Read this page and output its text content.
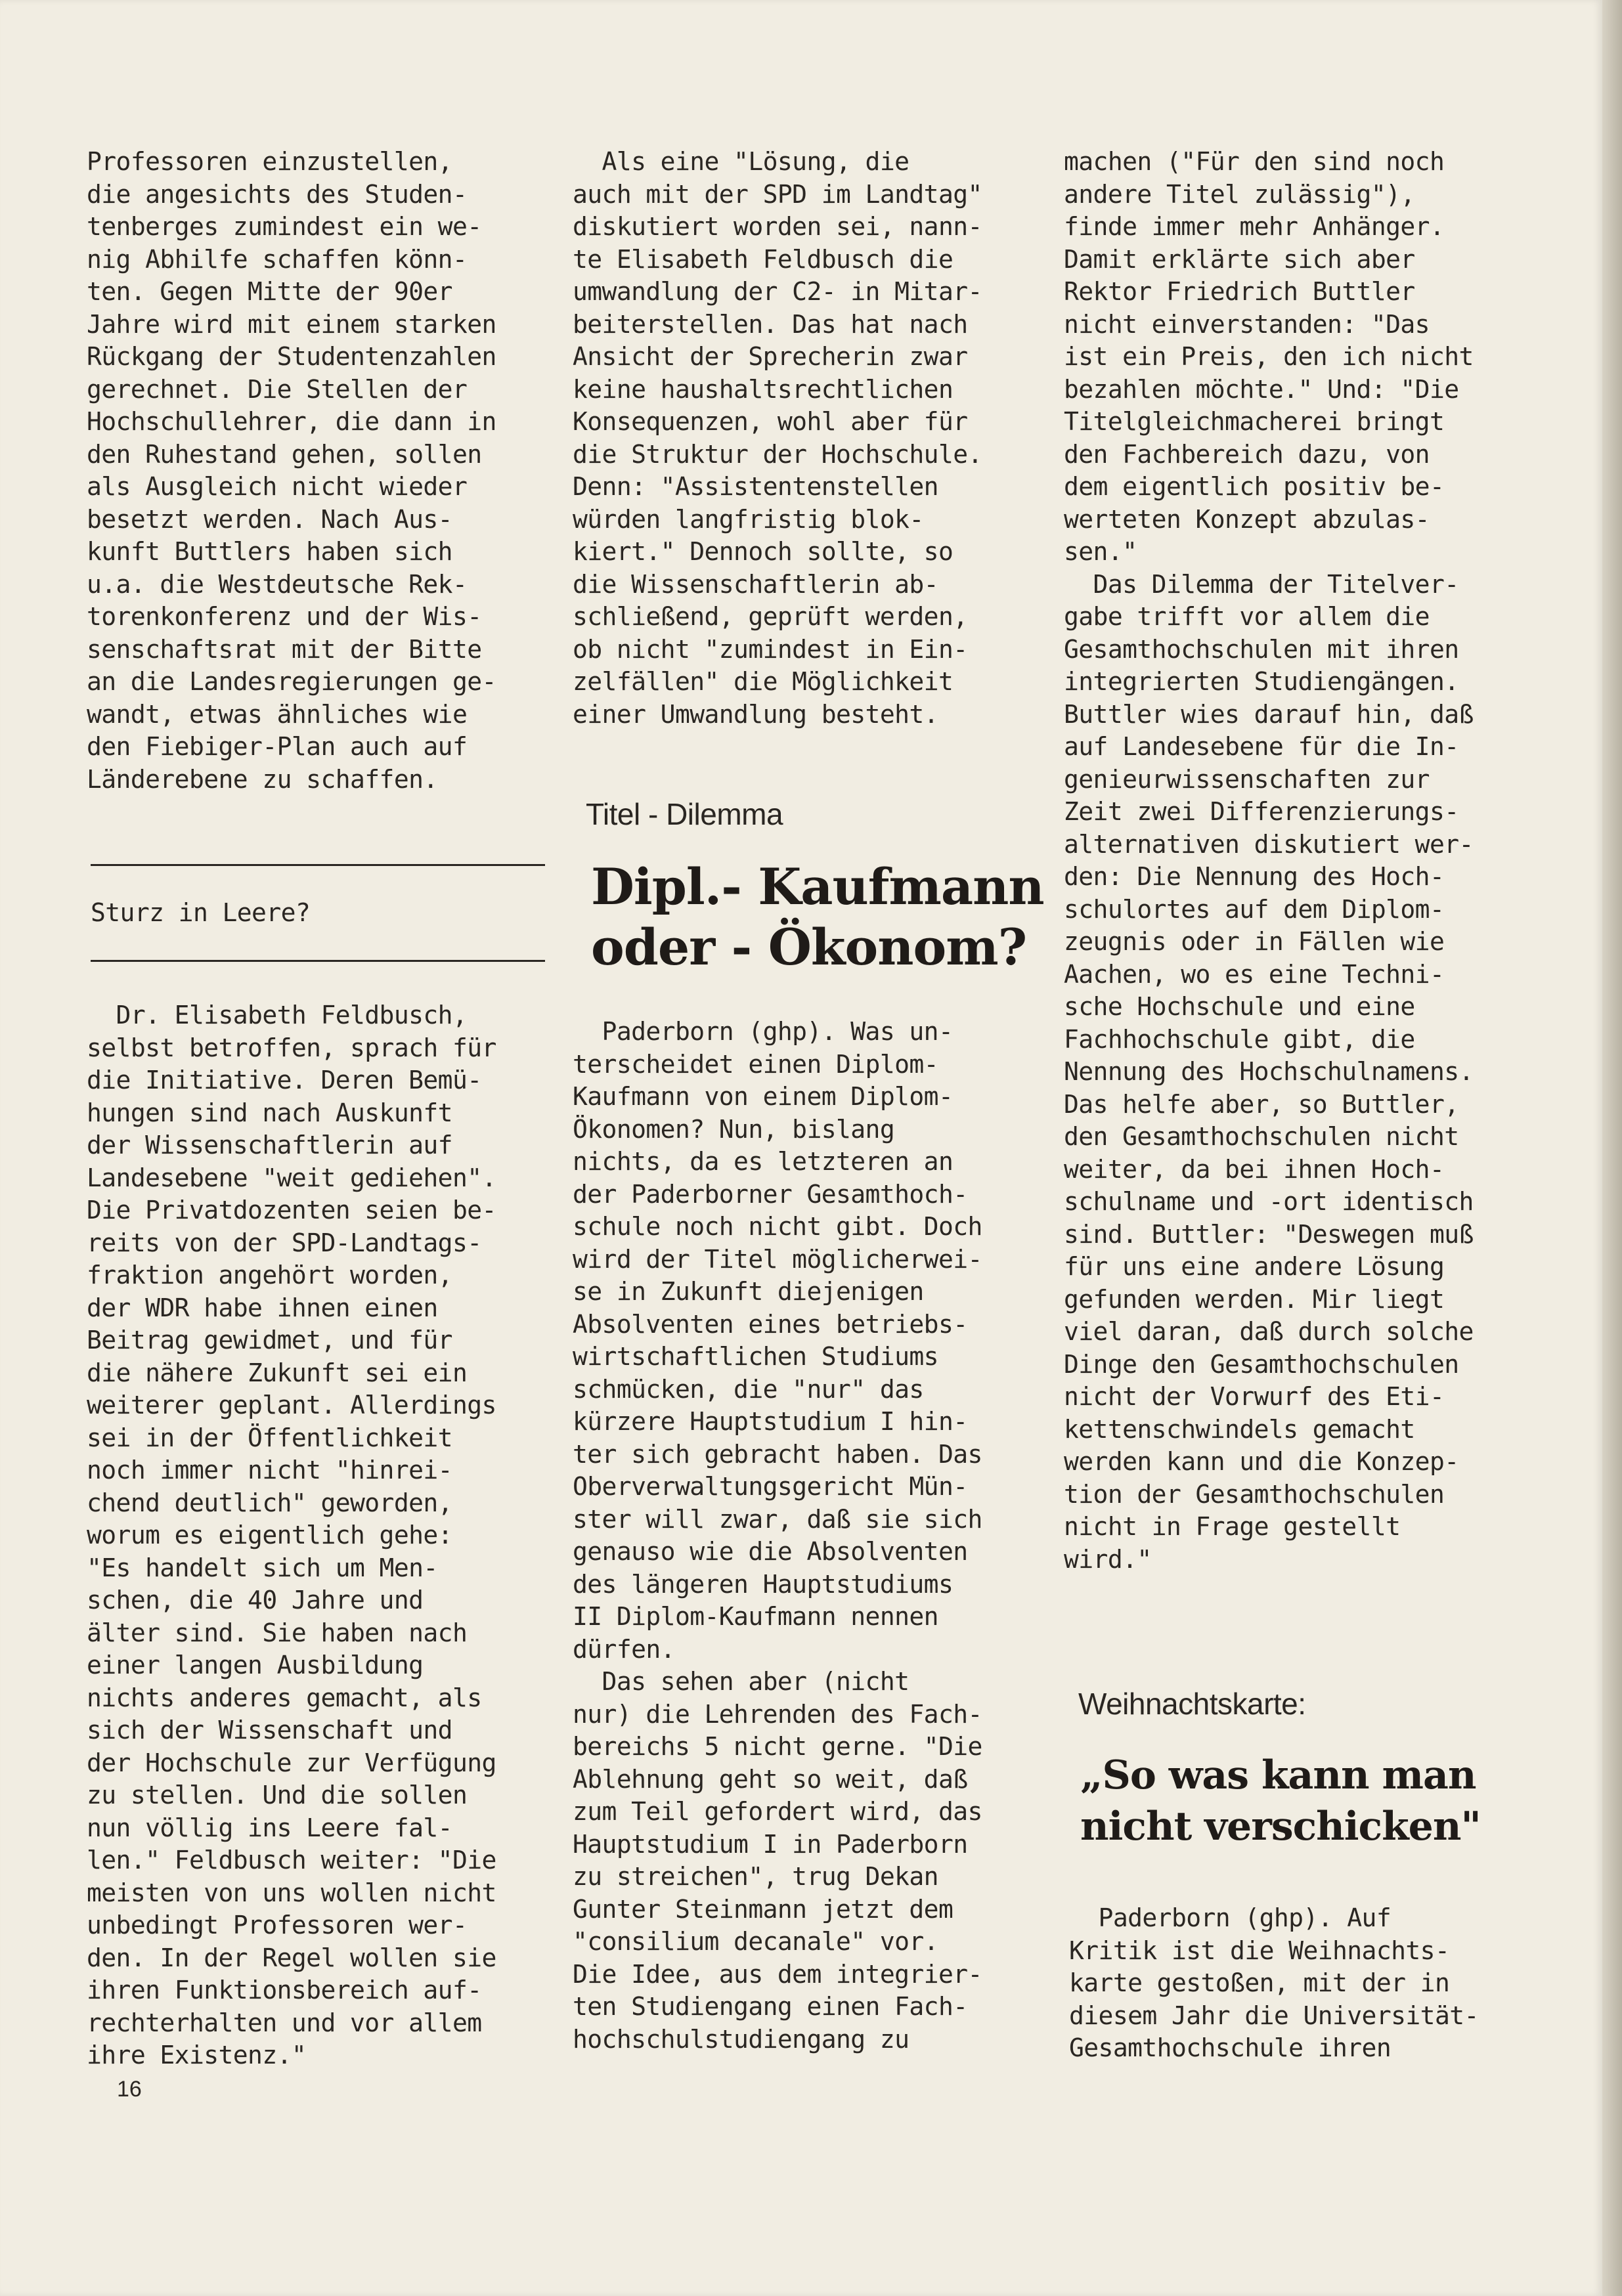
Professoren einzustellen,
die angesichts des Studen-
tenberges zumindest ein we-
nig Abhilfe schaffen könn-
ten. Gegen Mitte der 90er
Jahre wird mit einem starken
Rückgang der Studentenzahlen
gerechnet. Die Stellen der
Hochschullehrer, die dann in
den Ruhestand gehen, sollen
als Ausgleich nicht wieder
besetzt werden. Nach Aus-
kunft Buttlers haben sich
u.a. die Westdeutsche Rek-
torenkonferenz und der Wis-
senschaftsrat mit der Bitte
an die Landesregierungen ge-
wandt, etwas ähnliches wie
den Fiebiger-Plan auch auf
Länderebene zu schaffen.
Sturz in Leere?
Dr. Elisabeth Feldbusch,
selbst betroffen, sprach für
die Initiative. Deren Bemü-
hungen sind nach Auskunft
der Wissenschaftlerin auf
Landesebene "weit gediehen".
Die Privatdozenten seien be-
reits von der SPD-Landtags-
fraktion angehört worden,
der WDR habe ihnen einen
Beitrag gewidmet, und für
die nähere Zukunft sei ein
weiterer geplant. Allerdings
sei in der Öffentlichkeit
noch immer nicht "hinrei-
chend deutlich" geworden,
worum es eigentlich gehe:
"Es handelt sich um Men-
schen, die 40 Jahre und
älter sind. Sie haben nach
einer langen Ausbildung
nichts anderes gemacht, als
sich der Wissenschaft und
der Hochschule zur Verfügung
zu stellen. Und die sollen
nun völlig ins Leere fal-
len." Feldbusch weiter: "Die
meisten von uns wollen nicht
unbedingt Professoren wer-
den. In der Regel wollen sie
ihren Funktionsbereich auf-
rechterhalten und vor allem
ihre Existenz."
Als eine "Lösung, die
auch mit der SPD im Landtag"
diskutiert worden sei, nann-
te Elisabeth Feldbusch die
umwandlung der C2- in Mitar-
beiterstellen. Das hat nach
Ansicht der Sprecherin zwar
keine haushaltsrechtlichen
Konsequenzen, wohl aber für
die Struktur der Hochschule.
Denn: "Assistentenstellen
würden langfristig blok-
kiert." Dennoch sollte, so
die Wissenschaftlerin ab-
schließend, geprüft werden,
ob nicht "zumindest in Ein-
zelfällen" die Möglichkeit
einer Umwandlung besteht.
Titel - Dilemma
Dipl.- Kaufmann
oder - Ökonom?
Paderborn (ghp). Was un-
terscheidet einen Diplom-
Kaufmann von einem Diplom-
Ökonomen? Nun, bislang
nichts, da es letzteren an
der Paderborner Gesamthoch-
schule noch nicht gibt. Doch
wird der Titel möglicherwei-
se in Zukunft diejenigen
Absolventen eines betriebs-
wirtschaftlichen Studiums
schmücken, die "nur" das
kürzere Hauptstudium I hin-
ter sich gebracht haben. Das
Oberverwaltungsgericht Mün-
ster will zwar, daß sie sich
genauso wie die Absolventen
des längeren Hauptstudiums
II Diplom-Kaufmann nennen
dürfen.
Das sehen aber (nicht
nur) die Lehrenden des Fach-
bereichs 5 nicht gerne. "Die
Ablehnung geht so weit, daß
zum Teil gefordert wird, das
Hauptstudium I in Paderborn
zu streichen", trug Dekan
Gunter Steinmann jetzt dem
"consilium decanale" vor.
Die Idee, aus dem integrier-
ten Studiengang einen Fach-
hochschulstudiengang zu
machen ("Für den sind noch
andere Titel zulässig"),
finde immer mehr Anhänger.
Damit erklärte sich aber
Rektor Friedrich Buttler
nicht einverstanden: "Das
ist ein Preis, den ich nicht
bezahlen möchte." Und: "Die
Titelgleichmacherei bringt
den Fachbereich dazu, von
dem eigentlich positiv be-
werteten Konzept abzulas-
sen."
Das Dilemma der Titelver-
gabe trifft vor allem die
Gesamthochschulen mit ihren
integrierten Studiengängen.
Buttler wies darauf hin, daß
auf Landesebene für die In-
genieurwissenschaften zur
Zeit zwei Differenzierungs-
alternativen diskutiert wer-
den: Die Nennung des Hoch-
schulortes auf dem Diplom-
zeugnis oder in Fällen wie
Aachen, wo es eine Techni-
sche Hochschule und eine
Fachhochschule gibt, die
Nennung des Hochschulnamens.
Das helfe aber, so Buttler,
den Gesamthochschulen nicht
weiter, da bei ihnen Hoch-
schulname und -ort identisch
sind. Buttler: "Deswegen muß
für uns eine andere Lösung
gefunden werden. Mir liegt
viel daran, daß durch solche
Dinge den Gesamthochschulen
nicht der Vorwurf des Eti-
kettenschwindels gemacht
werden kann und die Konzep-
tion der Gesamthochschulen
nicht in Frage gestellt
wird."
Weihnachtskarte:
„So was kann man
nicht verschicken"
Paderborn (ghp). Auf
Kritik ist die Weihnachts-
karte gestoßen, mit der in
diesem Jahr die Universität-
Gesamthochschule ihren
16
